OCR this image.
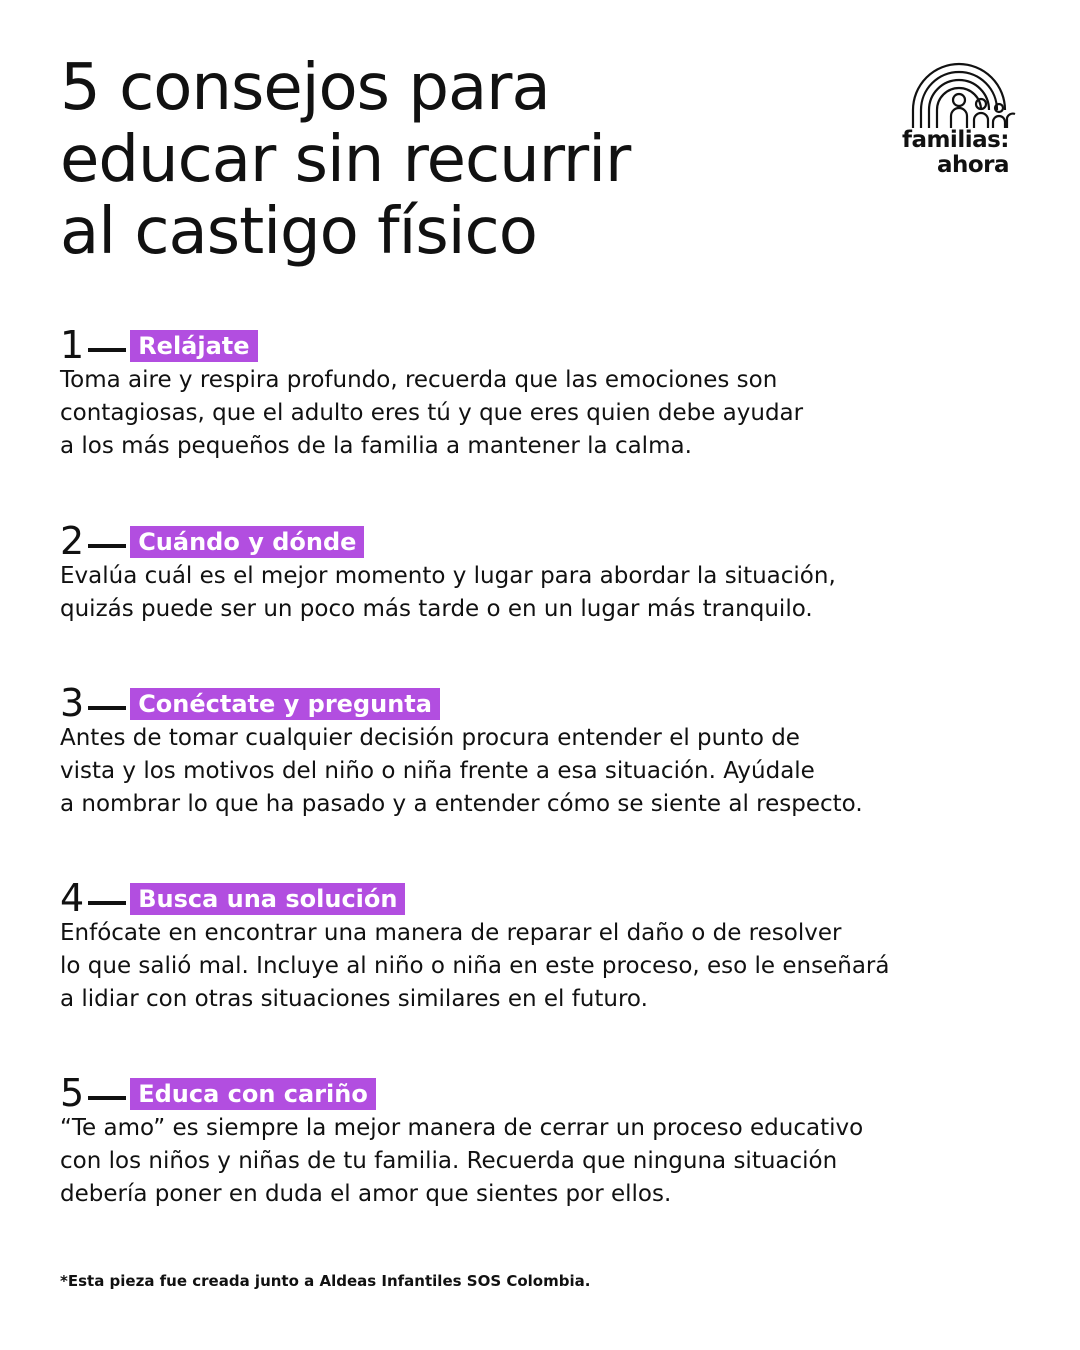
5 consejos para
educar sin recurrir
al castigo físico
familias:
ahora
1	Relájate
Toma aire y respira profundo, recuerda que las emociones son
contagiosas, que el adulto eres tú y que eres quien debe ayudar
a los más pequeños de la familia a mantener la calma.
2	Cuándo y dónde
Evalúa cuál es el mejor momento y lugar para abordar la situación,
quizás puede ser un poco más tarde o en un lugar más tranquilo.
3	Conéctate y pregunta
Antes de tomar cualquier decisión procura entender el punto de
vista y los motivos del niño o niña frente a esa situación. Ayúdale
a nombrar lo que ha pasado y a entender cómo se siente al respecto.
4	Busca una solución
Enfócate en encontrar una manera de reparar el daño o de resolver
lo que salió mal. Incluye al niño o niña en este proceso, eso le enseñará
a lidiar con otras situaciones similares en el futuro.
5	Educa con cariño
“Te amo” es siempre la mejor manera de cerrar un proceso educativo
con los niños y niñas de tu familia. Recuerda que ninguna situación
debería poner en duda el amor que sientes por ellos.
*Esta pieza fue creada junto a Aldeas Infantiles SOS Colombia.
